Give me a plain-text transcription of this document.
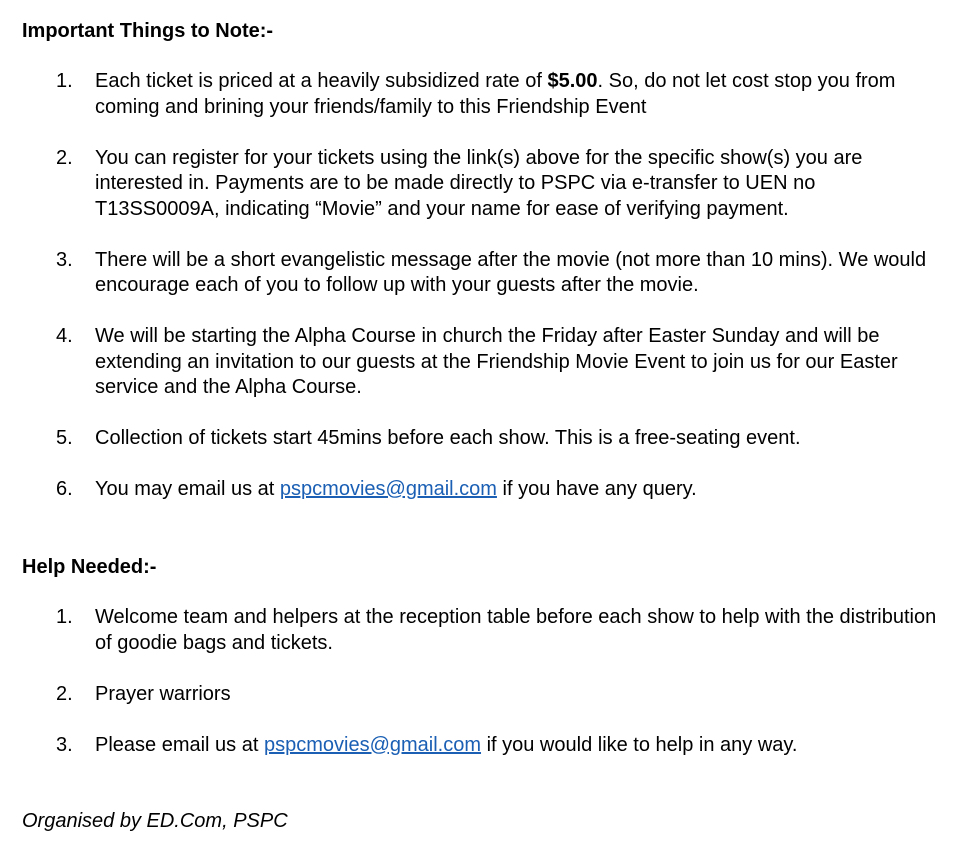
Important Things to Note:-
1. Each ticket is priced at a heavily subsidized rate of $5.00. So, do not let cost stop you from coming and brining your friends/family to this Friendship Event
2. You can register for your tickets using the link(s) above for the specific show(s) you are interested in. Payments are to be made directly to PSPC via e-transfer to UEN no T13SS0009A, indicating “Movie” and your name for ease of verifying payment.
3. There will be a short evangelistic message after the movie (not more than 10 mins). We would encourage each of you to follow up with your guests after the movie.
4. We will be starting the Alpha Course in church the Friday after Easter Sunday and will be extending an invitation to our guests at the Friendship Movie Event to join us for our Easter service and the Alpha Course.
5. Collection of tickets start 45mins before each show. This is a free-seating event.
6. You may email us at pspcmovies@gmail.com if you have any query.
Help Needed:-
1. Welcome team and helpers at the reception table before each show to help with the distribution of goodie bags and tickets.
2. Prayer warriors
3. Please email us at pspcmovies@gmail.com if you would like to help in any way.
Organised by ED.Com, PSPC
